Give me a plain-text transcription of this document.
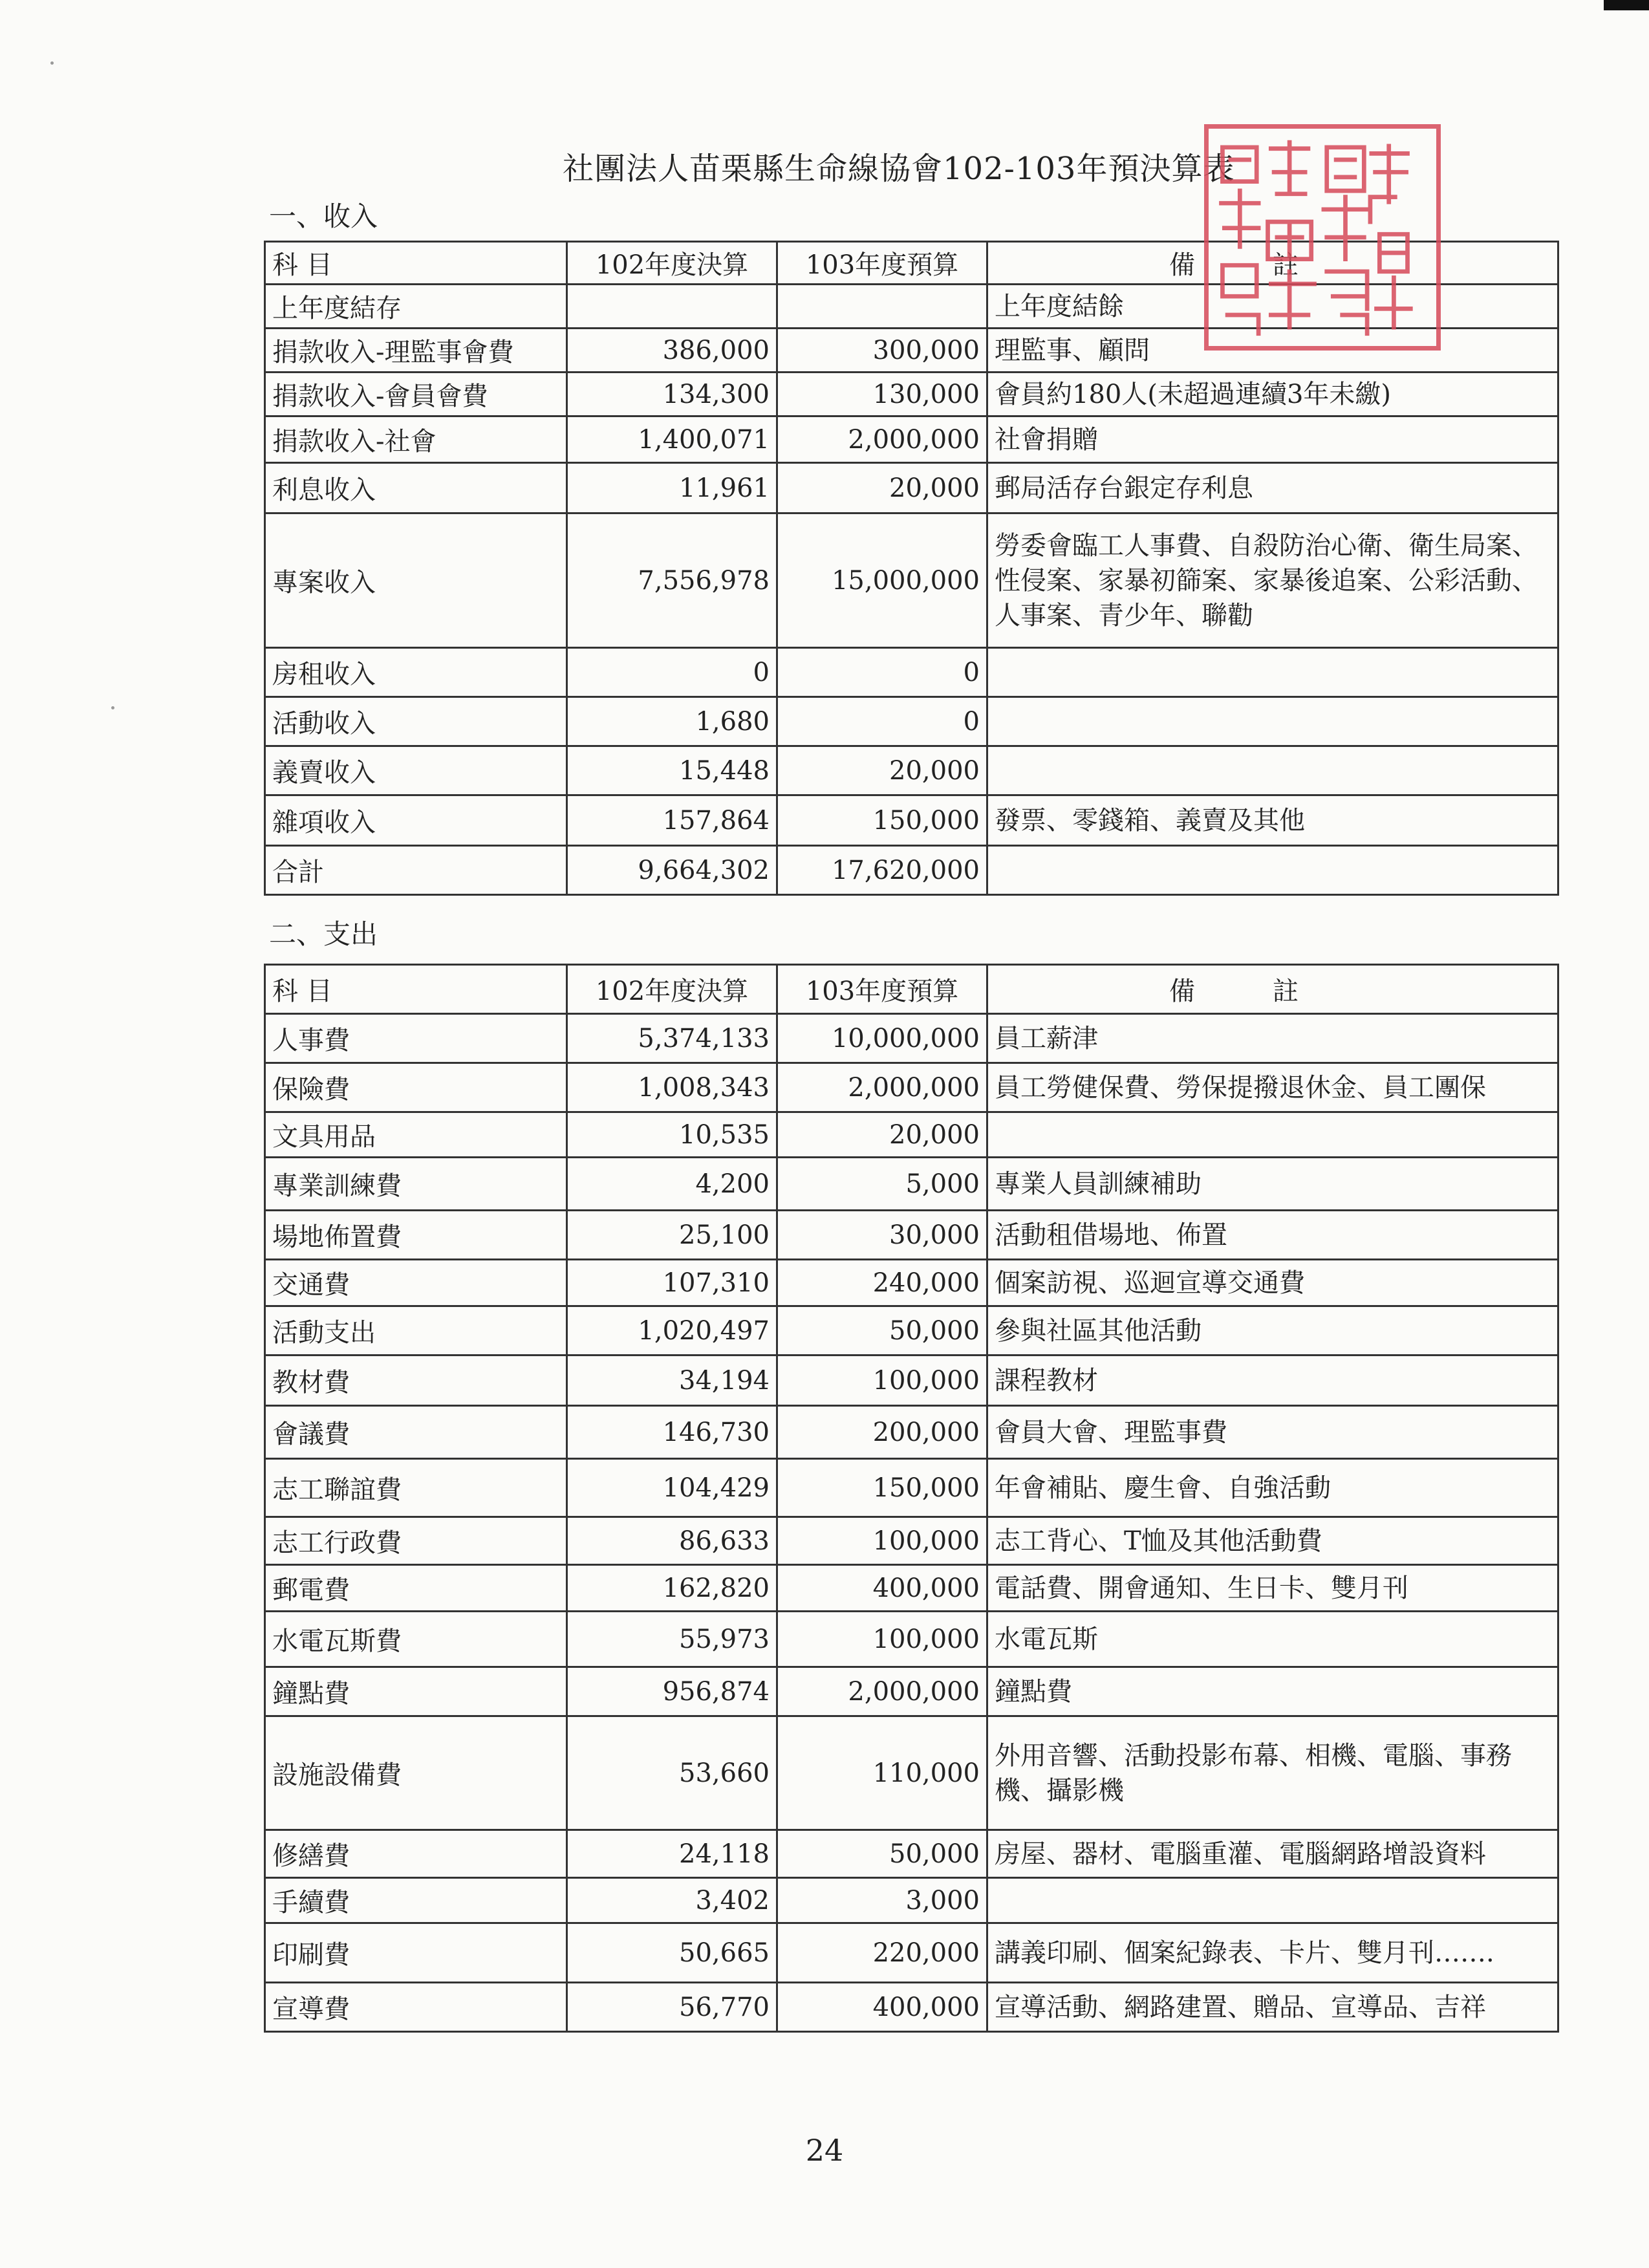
社團法人苗栗縣生命線協會102-103年預決算表
一、收入
科 目	102年度決算	103年度預算	備註
上年度結存			上年度結餘
捐款收入-理監事會費	386,000	300,000	理監事、顧問
捐款收入-會員會費	134,300	130,000	會員約180人(未超過連續3年未繳)
捐款收入-社會	1,400,071	2,000,000	社會捐贈
利息收入	11,961	20,000	郵局活存台銀定存利息
專案收入	7,556,978	15,000,000	勞委會臨工人事費、自殺防治心衛、衛生局案、性侵案、家暴初篩案、家暴後追案、公彩活動、人事案、青少年、聯勸
房租收入	0	0	
活動收入	1,680	0	
義賣收入	15,448	20,000	
雜項收入	157,864	150,000	發票、零錢箱、義賣及其他
合計	9,664,302	17,620,000	
二、支出
科 目	102年度決算	103年度預算	備註
人事費	5,374,133	10,000,000	員工薪津
保險費	1,008,343	2,000,000	員工勞健保費、勞保提撥退休金、員工團保
文具用品	10,535	20,000	
專業訓練費	4,200	5,000	專業人員訓練補助
場地佈置費	25,100	30,000	活動租借場地、佈置
交通費	107,310	240,000	個案訪視、巡迴宣導交通費
活動支出	1,020,497	50,000	參與社區其他活動
教材費	34,194	100,000	課程教材
會議費	146,730	200,000	會員大會、理監事費
志工聯誼費	104,429	150,000	年會補貼、慶生會、自強活動
志工行政費	86,633	100,000	志工背心、T恤及其他活動費
郵電費	162,820	400,000	電話費、開會通知、生日卡、雙月刊
水電瓦斯費	55,973	100,000	水電瓦斯
鐘點費	956,874	2,000,000	鐘點費
設施設備費	53,660	110,000	外用音響、活動投影布幕、相機、電腦、事務機、攝影機
修繕費	24,118	50,000	房屋、器材、電腦重灌、電腦網路增設資料
手續費	3,402	3,000	
印刷費	50,665	220,000	講義印刷、個案紀錄表、卡片、雙月刊…….
宣導費	56,770	400,000	宣導活動、網路建置、贈品、宣導品、吉祥
24
